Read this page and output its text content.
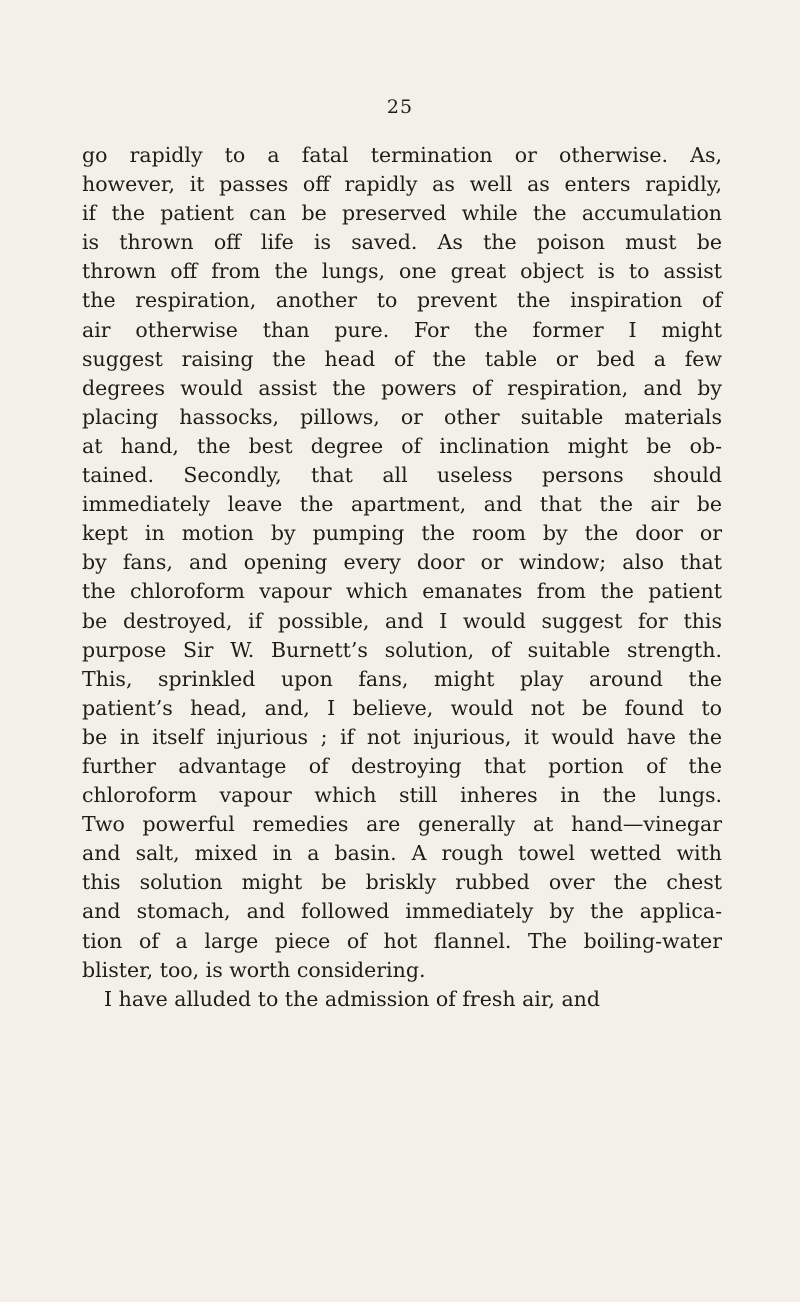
25
go rapidly to a fatal termination or otherwise. As,
however, it passes off rapidly as well as enters rapidly,
if the patient can be preserved while the accumulation
is thrown off life is saved. As the poison must be
thrown off from the lungs, one great object is to assist
the respiration, another to prevent the inspiration of
air otherwise than pure. For the former I might
suggest raising the head of the table or bed a few
degrees would assist the powers of respiration, and by
placing hassocks, pillows, or other suitable materials
at hand, the best degree of inclination might be ob-
tained. Secondly, that all useless persons should
immediately leave the apartment, and that the air be
kept in motion by pumping the room by the door or
by fans, and opening every door or window; also that
the chloroform vapour which emanates from the patient
be destroyed, if possible, and I would suggest for this
purpose Sir W. Burnett’s solution, of suitable strength.
This, sprinkled upon fans, might play around the
patient’s head, and, I believe, would not be found to
be in itself injurious ; if not injurious, it would have the
further advantage of destroying that portion of the
chloroform vapour which still inheres in the lungs.
Two powerful remedies are generally at hand—vinegar
and salt, mixed in a basin. A rough towel wetted with
this solution might be briskly rubbed over the chest
and stomach, and followed immediately by the applica-
tion of a large piece of hot flannel. The boiling-water
blister, too, is worth considering.
I have alluded to the admission of fresh air, and
